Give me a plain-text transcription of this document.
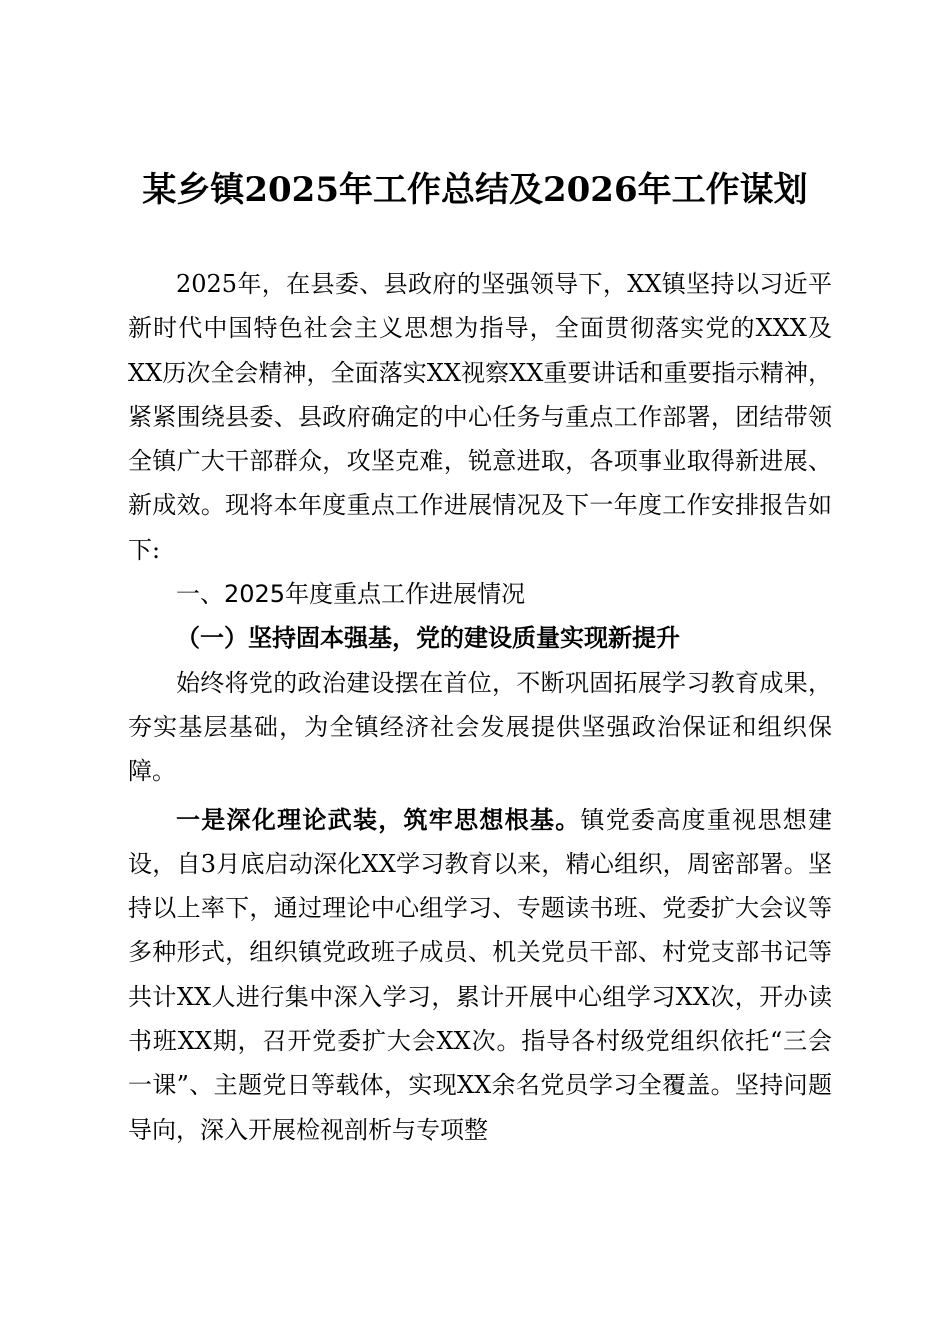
某乡镇2025年工作总结及2026年工作谋划

2025年，在县委、县政府的坚强领导下，XX镇坚持以习近平新时代中国特色社会主义思想为指导，全面贯彻落实党的XXX及XX历次全会精神，全面落实XX视察XX重要讲话和重要指示精神，紧紧围绕县委、县政府确定的中心任务与重点工作部署，团结带领全镇广大干部群众，攻坚克难，锐意进取，各项事业取得新进展、新成效。现将本年度重点工作进展情况及下一年度工作安排报告如下:

一、2025年度重点工作进展情况

（一）坚持固本强基，党的建设质量实现新提升

始终将党的政治建设摆在首位，不断巩固拓展学习教育成果，夯实基层基础，为全镇经济社会发展提供坚强政治保证和组织保障。

一是深化理论武装，筑牢思想根基。镇党委高度重视思想建设，自3月底启动深化XX学习教育以来，精心组织，周密部署。坚持以上率下，通过理论中心组学习、专题读书班、党委扩大会议等多种形式，组织镇党政班子成员、机关党员干部、村党支部书记等共计XX人进行集中深入学习，累计开展中心组学习XX次，开办读书班XX期，召开党委扩大会XX次。指导各村级党组织依托“三会一课”、主题党日等载体，实现XX余名党员学习全覆盖。坚持问题导向，深入开展检视剖析与专项整
